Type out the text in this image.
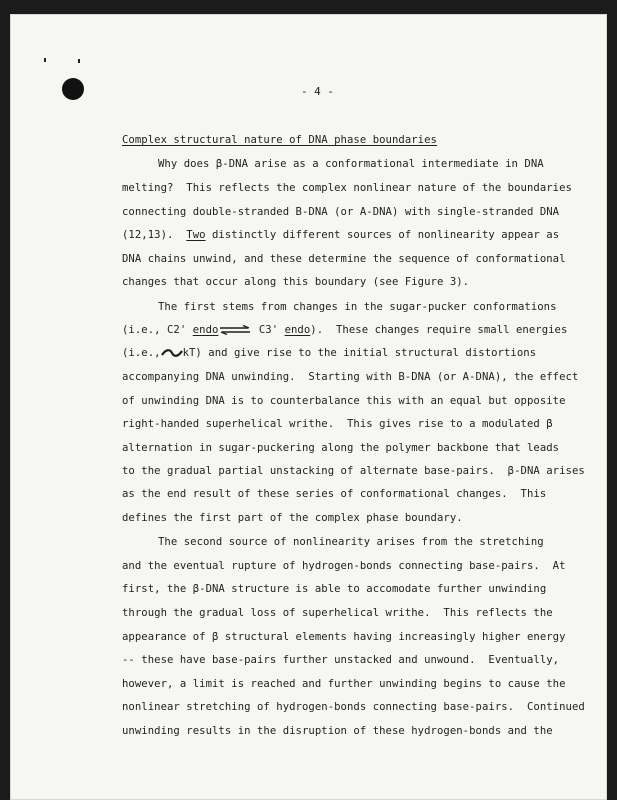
- 4 -
Complex structural nature of DNA phase boundaries
Why does β-DNA arise as a conformational intermediate in DNA
melting?  This reflects the complex nonlinear nature of the boundaries
connecting double-stranded B-DNA (or A-DNA) with single-stranded DNA
(12,13).  Two distinctly different sources of nonlinearity appear as
DNA chains unwind, and these determine the sequence of conformational
changes that occur along this boundary (see Figure 3).
The first stems from changes in the sugar-pucker conformations
(i.e., C2' endo⇌ C3' endo).  These changes require small energies
(i.e., kT) and give rise to the initial structural distortions
accompanying DNA unwinding.  Starting with B-DNA (or A-DNA), the effect
of unwinding DNA is to counterbalance this with an equal but opposite
right-handed superhelical writhe.  This gives rise to a modulated β
alternation in sugar-puckering along the polymer backbone that leads
to the gradual partial unstacking of alternate base-pairs.  β-DNA arises
as the end result of these series of conformational changes.  This
defines the first part of the complex phase boundary.
The second source of nonlinearity arises from the stretching
and the eventual rupture of hydrogen-bonds connecting base-pairs.  At
first, the β-DNA structure is able to accomodate further unwinding
through the gradual loss of superhelical writhe.  This reflects the
appearance of β structural elements having increasingly higher energy
-- these have base-pairs further unstacked and unwound.  Eventually,
however, a limit is reached and further unwinding begins to cause the
nonlinear stretching of hydrogen-bonds connecting base-pairs.  Continued
unwinding results in the disruption of these hydrogen-bonds and the
